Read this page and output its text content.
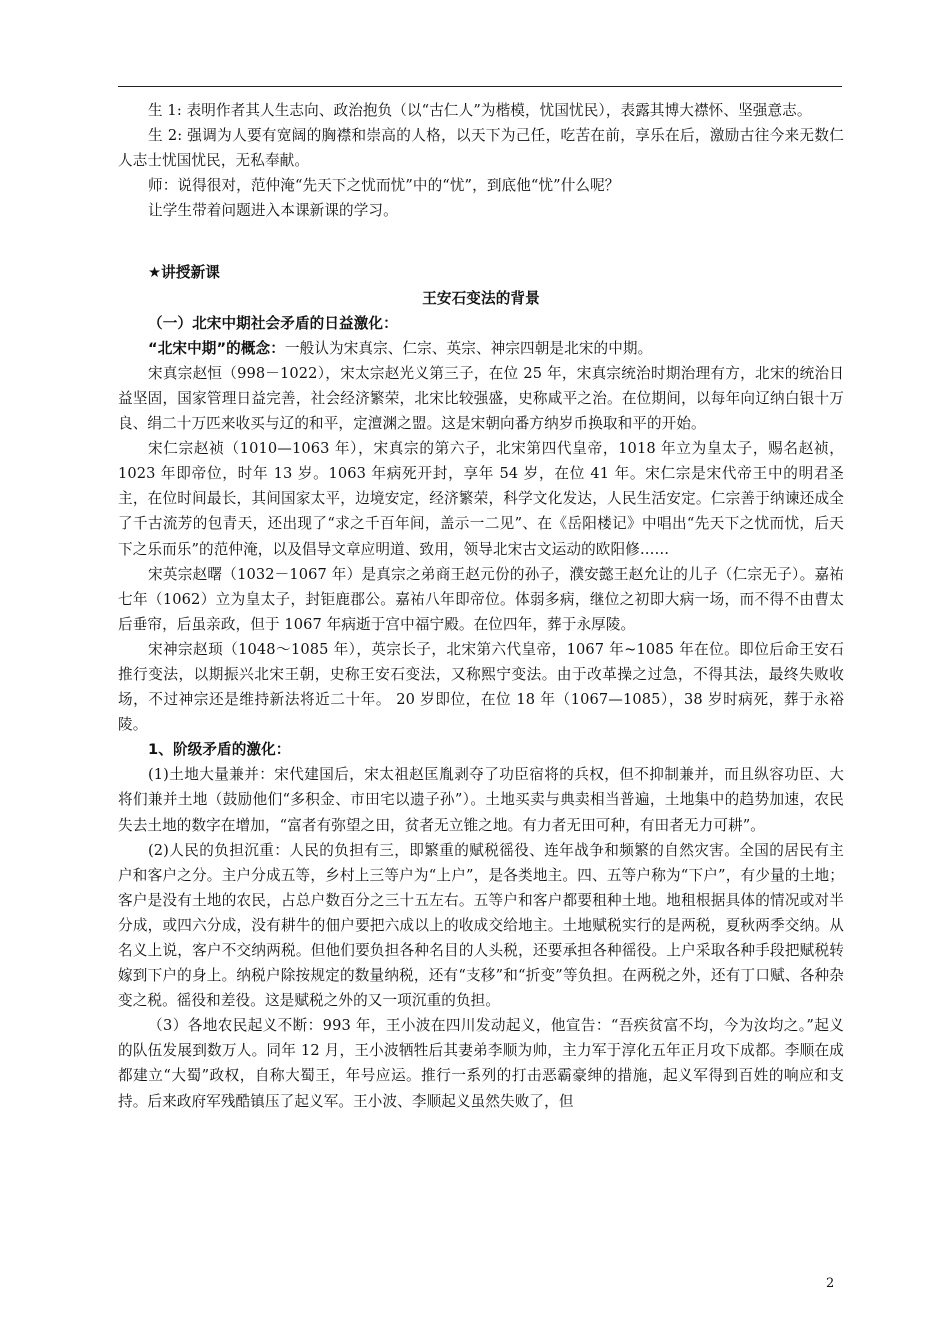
生 1: 表明作者其人生志向、政治抱负（以“古仁人”为楷模，忧国忧民），表露其博大襟怀、坚强意志。

生 2: 强调为人要有宽阔的胸襟和崇高的人格，以天下为己任，吃苦在前，享乐在后，激励古往今来无数仁人志士忧国忧民，无私奉献。

师：说得很对，范仲淹“先天下之忧而忧”中的“忧”，到底他“忧”什么呢？

让学生带着问题进入本课新课的学习。

★讲授新课

王安石变法的背景

（一）北宋中期社会矛盾的日益激化：

“北宋中期”的概念：一般认为宋真宗、仁宗、英宗、神宗四朝是北宋的中期。

宋真宗赵恒（998－1022），宋太宗赵光义第三子，在位 25 年，宋真宗统治时期治理有方，北宋的统治日益坚固，国家管理日益完善，社会经济繁荣，北宋比较强盛，史称咸平之治。在位期间，以每年向辽纳白银十万良、绢二十万匹来收买与辽的和平，定澶渊之盟。这是宋朝向番方纳岁币换取和平的开始。

宋仁宗赵祯（1010—1063 年），宋真宗的第六子，北宋第四代皇帝，1018 年立为皇太子，赐名赵祯，1023 年即帝位，时年 13 岁。1063 年病死开封，享年 54 岁，在位 41 年。宋仁宗是宋代帝王中的明君圣主，在位时间最长，其间国家太平，边境安定，经济繁荣，科学文化发达，人民生活安定。仁宗善于纳谏还成全了千古流芳的包青天，还出现了“求之千百年间，盖示一二见”、在《岳阳楼记》中唱出“先天下之忧而忧，后天下之乐而乐”的范仲淹，以及倡导文章应明道、致用，领导北宋古文运动的欧阳修……

宋英宗赵曙（1032－1067 年）是真宗之弟商王赵元份的孙子，濮安懿王赵允让的儿子（仁宗无子）。嘉祐七年（1062）立为皇太子，封钜鹿郡公。嘉祐八年即帝位。体弱多病，继位之初即大病一场，而不得不由曹太后垂帘，后虽亲政，但于 1067 年病逝于宫中福宁殿。在位四年，葬于永厚陵。

宋神宗赵顼（1048～1085 年），英宗长子，北宋第六代皇帝，1067 年~1085 年在位。即位后命王安石推行变法，以期振兴北宋王朝，史称王安石变法，又称熙宁变法。由于改革操之过急，不得其法，最终失败收场，不过神宗还是维持新法将近二十年。 20 岁即位，在位 18 年（1067—1085），38 岁时病死，葬于永裕陵。

1、阶级矛盾的激化：

(1)土地大量兼并：宋代建国后，宋太祖赵匡胤剥夺了功臣宿将的兵权，但不抑制兼并，而且纵容功臣、大将们兼并土地（鼓励他们“多积金、市田宅以遗子孙”）。土地买卖与典卖相当普遍，土地集中的趋势加速，农民失去土地的数字在增加，“富者有弥望之田，贫者无立锥之地。有力者无田可种，有田者无力可耕”。

(2)人民的负担沉重：人民的负担有三，即繁重的赋税徭役、连年战争和频繁的自然灾害。全国的居民有主户和客户之分。主户分成五等，乡村上三等户为“上户”，是各类地主。四、五等户称为“下户”，有少量的土地；客户是没有土地的农民，占总户数百分之三十五左右。五等户和客户都要租种土地。地租根据具体的情况或对半分成，或四六分成，没有耕牛的佃户要把六成以上的收成交给地主。土地赋税实行的是两税，夏秋两季交纳。从名义上说，客户不交纳两税。但他们要负担各种名目的人头税，还要承担各种徭役。上户采取各种手段把赋税转嫁到下户的身上。纳税户除按规定的数量纳税，还有“支移”和“折变”等负担。在两税之外，还有丁口赋、各种杂变之税。徭役和差役。这是赋税之外的又一项沉重的负担。

（3）各地农民起义不断：993 年，王小波在四川发动起义，他宣告：“吾疾贫富不均，今为汝均之。”起义的队伍发展到数万人。同年 12 月，王小波牺牲后其妻弟李顺为帅，主力军于淳化五年正月攻下成都。李顺在成都建立“大蜀”政权，自称大蜀王，年号应运。推行一系列的打击恶霸豪绅的措施，起义军得到百姓的响应和支持。后来政府军残酷镇压了起义军。王小波、李顺起义虽然失败了，但

2
